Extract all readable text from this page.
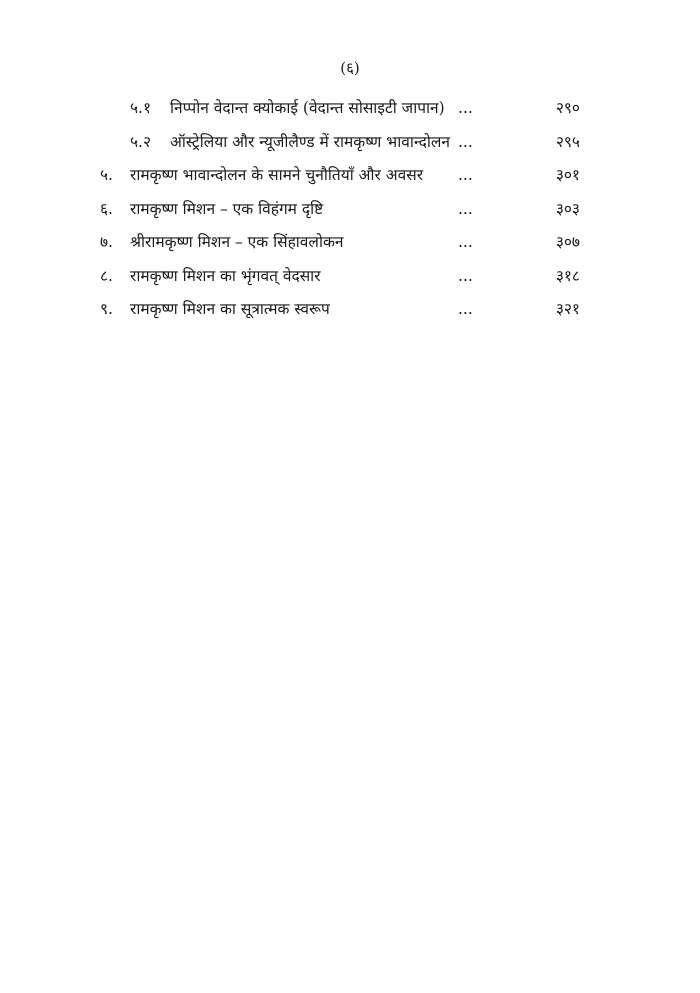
(६)
५.१ निप्पोन वेदान्त क्योकाई (वेदान्त सोसाइटी जापान) ...	२९०
५.२ ऑस्ट्रेलिया और न्यूजीलैण्ड में रामकृष्ण भावान्दोलन ...	२९५
५. रामकृष्ण भावान्दोलन के सामने चुनौतियाँ और अवसर ...	३०१
६. रामकृष्ण मिशन – एक विहंगम दृष्टि	...	३०३
७. श्रीरामकृष्ण मिशन – एक सिंहावलोकन	...	३०७
८. रामकृष्ण मिशन का भृंगवत् वेदसार	...	३१८
९. रामकृष्ण मिशन का सूत्रात्मक स्वरूप	...	३२१
